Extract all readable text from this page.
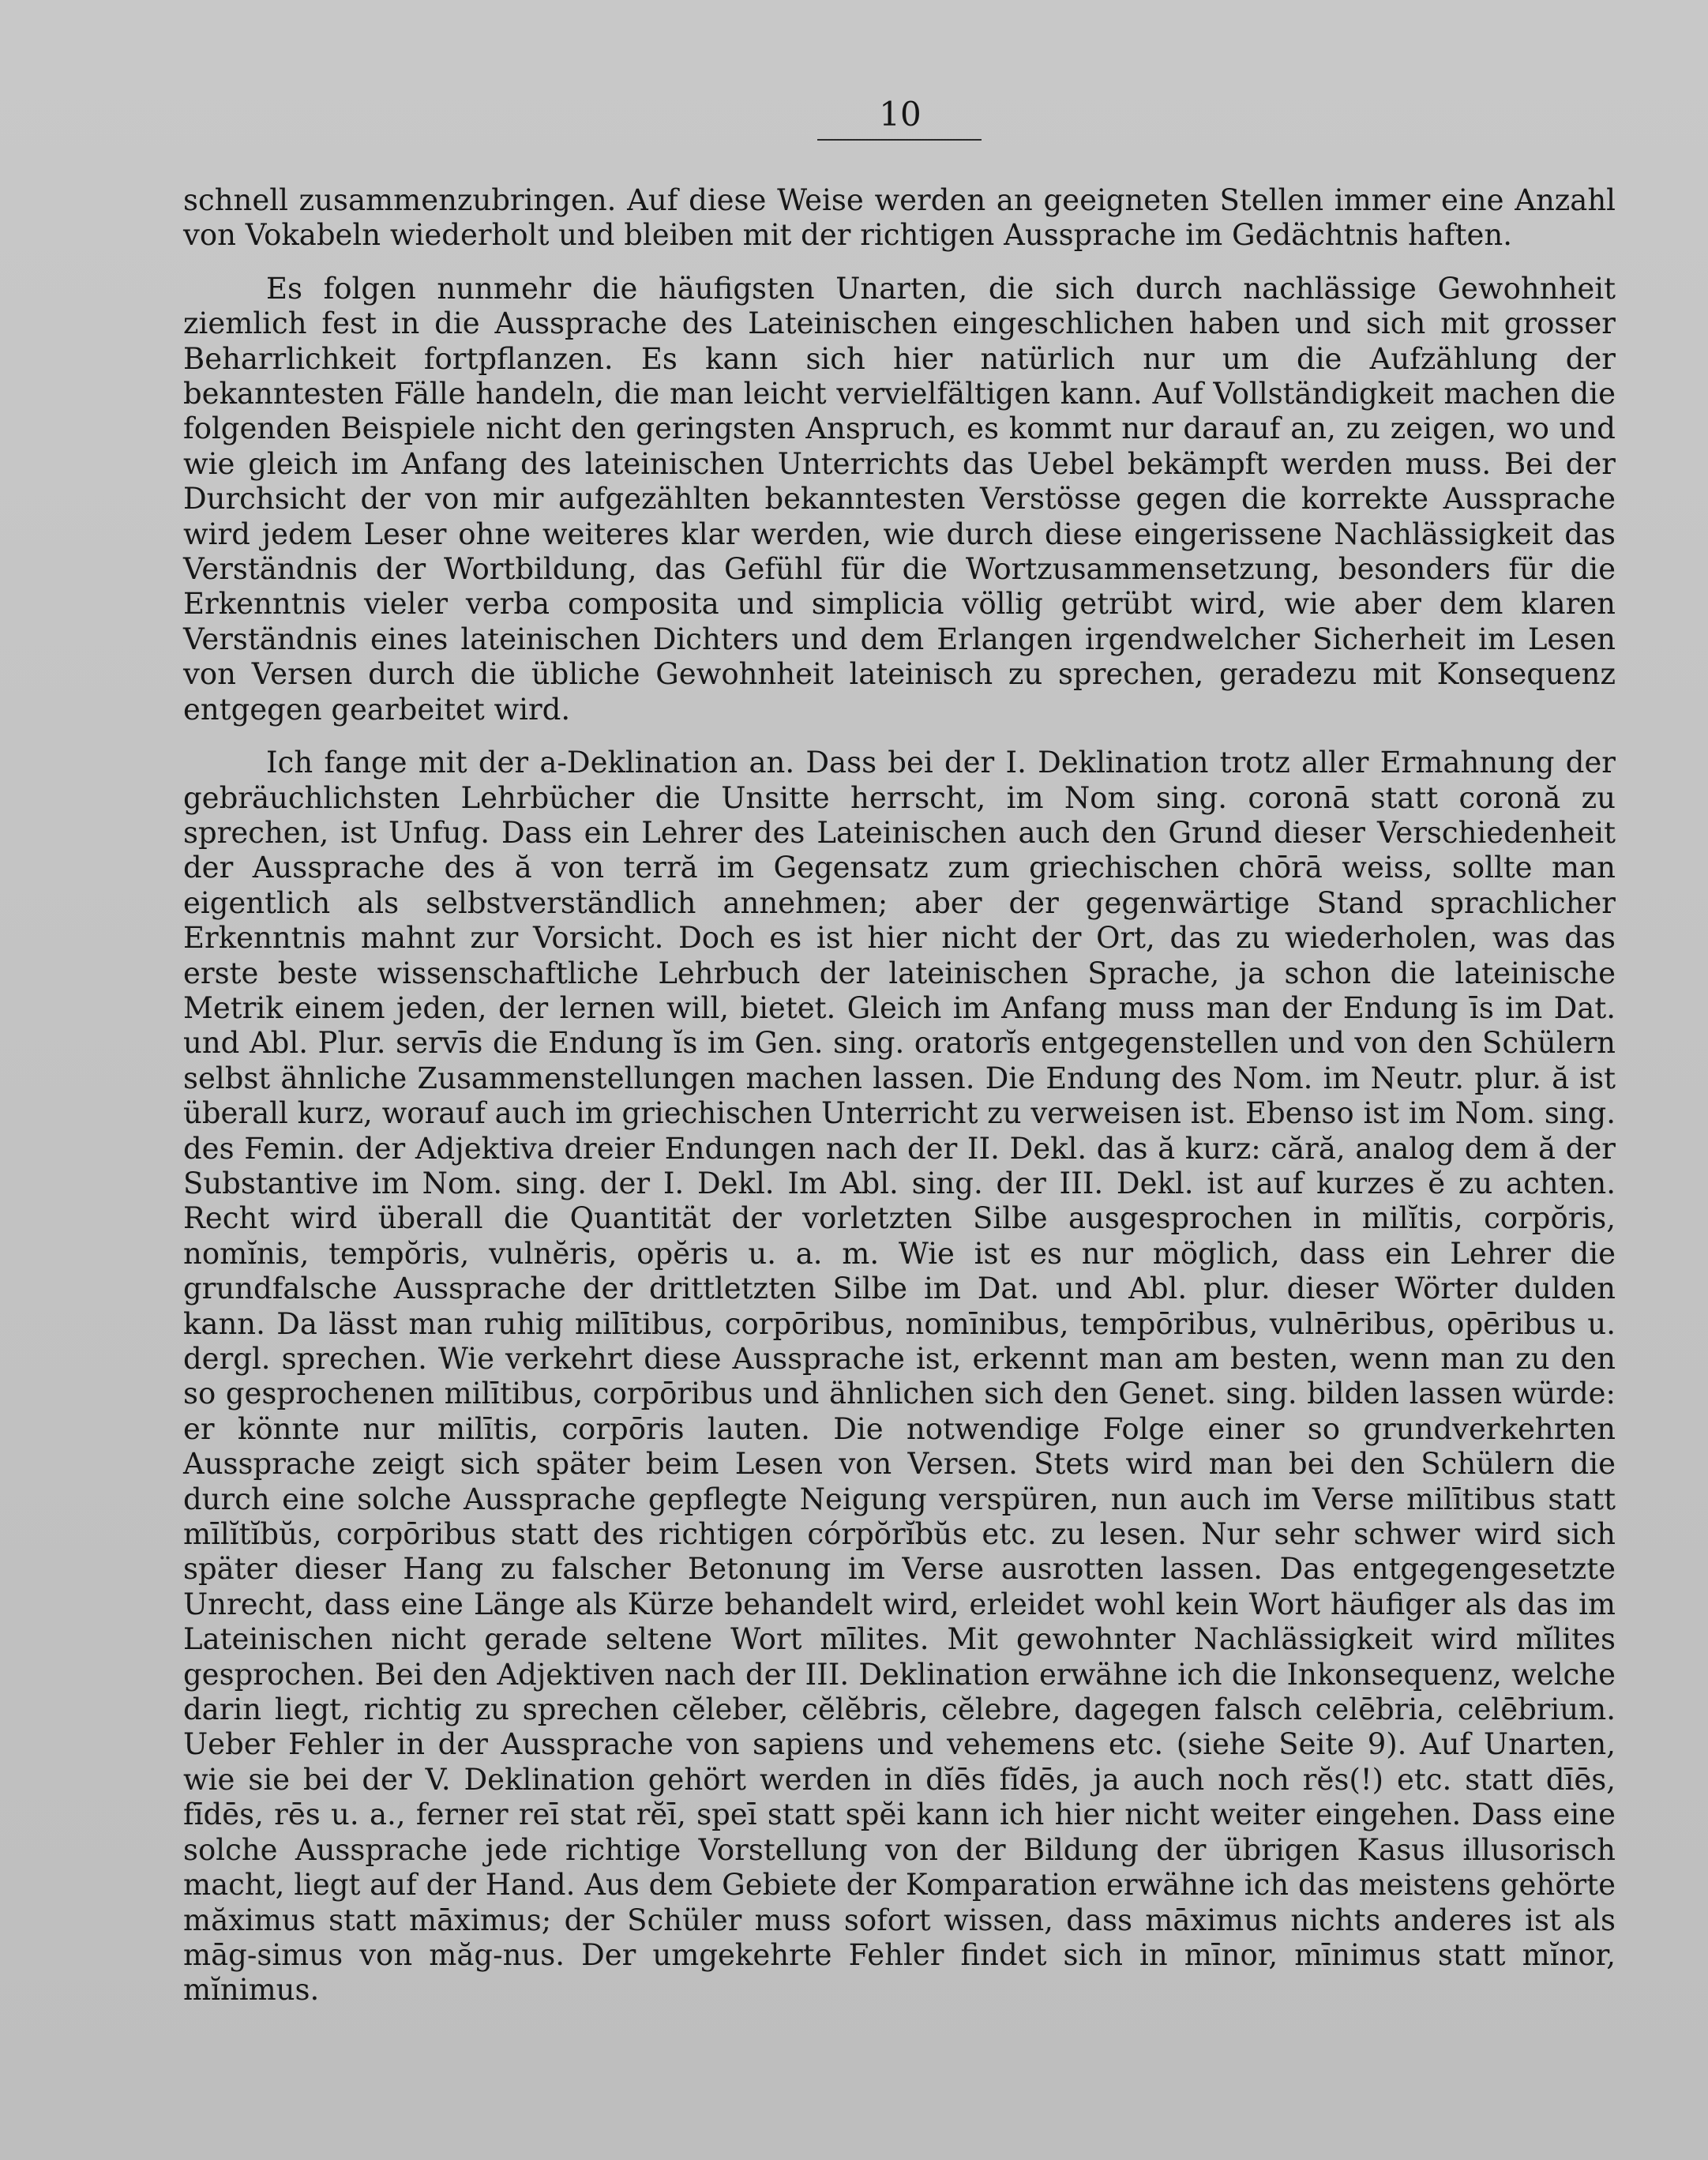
10

schnell zusammenzubringen. Auf diese Weise werden an geeigneten Stellen immer eine Anzahl von Vokabeln wiederholt und bleiben mit der richtigen Aussprache im Gedächtnis haften.

Es folgen nunmehr die häufigsten Unarten, die sich durch nachlässige Gewohnheit ziemlich fest in die Aussprache des Lateinischen eingeschlichen haben und sich mit grosser Beharrlichkeit fortpflanzen. Es kann sich hier natürlich nur um die Aufzählung der bekanntesten Fälle handeln, die man leicht vervielfältigen kann. Auf Vollständigkeit machen die folgenden Beispiele nicht den geringsten Anspruch, es kommt nur darauf an, zu zeigen, wo und wie gleich im Anfang des lateinischen Unterrichts das Uebel bekämpft werden muss. Bei der Durchsicht der von mir aufgezählten bekanntesten Verstösse gegen die korrekte Aussprache wird jedem Leser ohne weiteres klar werden, wie durch diese eingerissene Nachlässigkeit das Verständnis der Wortbildung, das Gefühl für die Wortzusammensetzung, besonders für die Erkenntnis vieler verba composita und simplicia völlig getrübt wird, wie aber dem klaren Verständnis eines lateinischen Dichters und dem Erlangen irgendwelcher Sicherheit im Lesen von Versen durch die übliche Gewohnheit lateinisch zu sprechen, geradezu mit Konsequenz entgegen gearbeitet wird.

Ich fange mit der a-Deklination an. Dass bei der I. Deklination trotz aller Ermahnung der gebräuchlichsten Lehrbücher die Unsitte herrscht, im Nom sing. coronā statt coronă zu sprechen, ist Unfug. Dass ein Lehrer des Lateinischen auch den Grund dieser Verschiedenheit der Aussprache des ă von terră im Gegensatz zum griechischen chōrā weiss, sollte man eigentlich als selbstverständlich annehmen; aber der gegenwärtige Stand sprachlicher Erkenntnis mahnt zur Vorsicht. Doch es ist hier nicht der Ort, das zu wiederholen, was das erste beste wissenschaftliche Lehrbuch der lateinischen Sprache, ja schon die lateinische Metrik einem jeden, der lernen will, bietet. Gleich im Anfang muss man der Endung īs im Dat. und Abl. Plur. servīs die Endung ĭs im Gen. sing. oratorĭs entgegenstellen und von den Schülern selbst ähnliche Zusammenstellungen machen lassen. Die Endung des Nom. im Neutr. plur. ă ist überall kurz, worauf auch im griechischen Unterricht zu verweisen ist. Ebenso ist im Nom. sing. des Femin. der Adjektiva dreier Endungen nach der II. Dekl. das ă kurz: cără, analog dem ă der Substantive im Nom. sing. der I. Dekl. Im Abl. sing. der III. Dekl. ist auf kurzes ĕ zu achten. Recht wird überall die Quantität der vorletzten Silbe ausgesprochen in milĭtis, corpŏris, nomĭnis, tempŏris, vulnĕris, opĕris u. a. m. Wie ist es nur möglich, dass ein Lehrer die grundfalsche Aussprache der drittletzten Silbe im Dat. und Abl. plur. dieser Wörter dulden kann. Da lässt man ruhig milītibus, corpōribus, nomīnibus, tempōribus, vulnēribus, opēribus u. dergl. sprechen. Wie verkehrt diese Aussprache ist, erkennt man am besten, wenn man zu den so gesprochenen milītibus, corpōribus und ähnlichen sich den Genet. sing. bilden lassen würde: er könnte nur milītis, corpōris lauten. Die notwendige Folge einer so grundverkehrten Aussprache zeigt sich später beim Lesen von Versen. Stets wird man bei den Schülern die durch eine solche Aussprache gepflegte Neigung verspüren, nun auch im Verse milītibus statt mīlĭtĭbŭs, corpōribus statt des richtigen córpŏrĭbŭs etc. zu lesen. Nur sehr schwer wird sich später dieser Hang zu falscher Betonung im Verse ausrotten lassen. Das entgegengesetzte Unrecht, dass eine Länge als Kürze behandelt wird, erleidet wohl kein Wort häufiger als das im Lateinischen nicht gerade seltene Wort mīlites. Mit gewohnter Nachlässigkeit wird mĭlites gesprochen. Bei den Adjektiven nach der III. Deklination erwähne ich die Inkonsequenz, welche darin liegt, richtig zu sprechen cĕleber, cĕlĕbris, cĕlebre, dagegen falsch celēbria, celēbrium. Ueber Fehler in der Aussprache von sapiens und vehemens etc. (siehe Seite 9). Auf Unarten, wie sie bei der V. Deklination gehört werden in dĭēs fĭdēs, ja auch noch rĕs(!) etc. statt dīēs, fīdēs, rēs u. a., ferner reī stat rĕī, speī statt spĕi kann ich hier nicht weiter eingehen. Dass eine solche Aussprache jede richtige Vorstellung von der Bildung der übrigen Kasus illusorisch macht, liegt auf der Hand. Aus dem Gebiete der Komparation erwähne ich das meistens gehörte măximus statt māximus; der Schüler muss sofort wissen, dass māximus nichts anderes ist als māg-simus von măg-nus. Der umgekehrte Fehler findet sich in mīnor, mīnimus statt mĭnor, mĭnimus.
